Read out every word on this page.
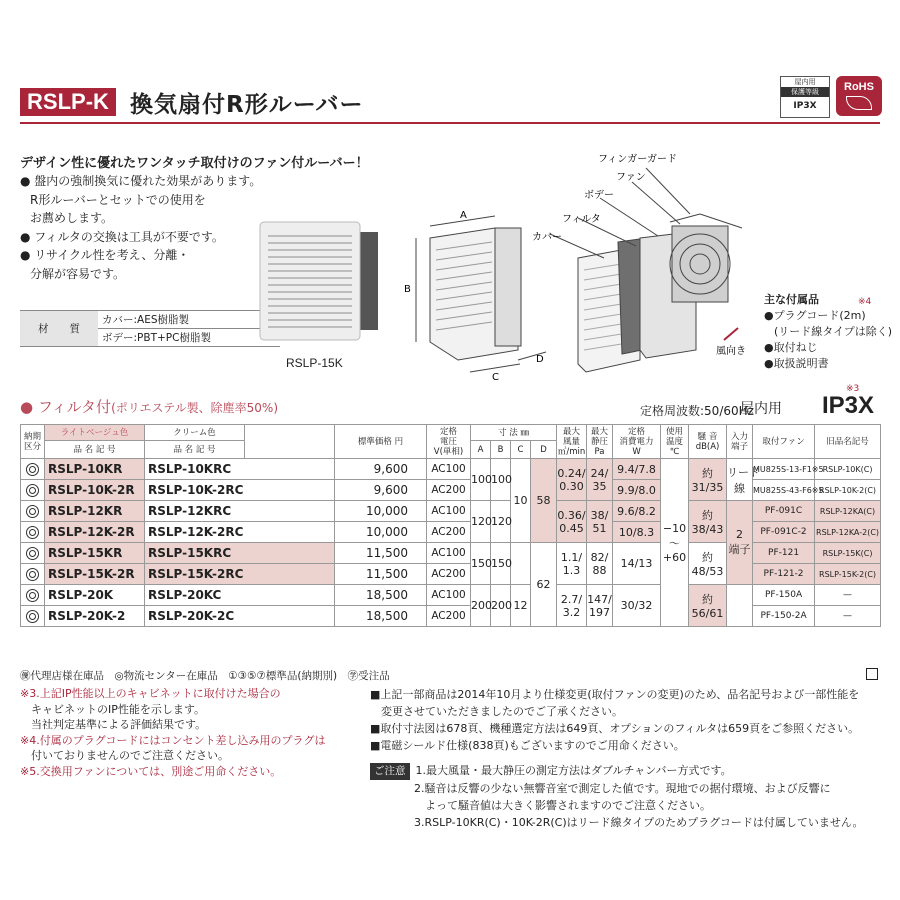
RSLP-K 換気扇付R形ルーバー
屋内用
保護等級
IP3X
RoHS
デザイン性に優れたワンタッチ取付けのファン付ルーバー！
● 盤内の強制換気に優れた効果があります。
R形ルーバーとセットでの使用を
お薦めします。
● フィルタの交換は工具が不要です。
● リサイクル性を考え、分離・
分解が容易です。
材　　質	カバー:AES樹脂製
ボデー:PBT+PC樹脂製
RSLP-15K
フィンガーガード
ファン
ボデー
フィルタ
カバー
A
B
C
D
風向き
主な付属品
●プラグコード(2m)
(リード線タイプは除く)
●取付ねじ
●取扱説明書
※4
● フィルタ付(ポリエステル製、除塵率50%)	定格周波数:50/60Hz
屋内用 IP3X
※3
納期
区分	ライトベージュ色	クリーム色		標準価格 円	定格
電圧
V(単相)	寸 法 ㎜				最大
風量
㎥/min	最大
静圧
Pa	定格
消費電力
W	使用
温度
℃	騒 音
dB(A)	入力
端子	取付ファン	旧品名記号
	品 名 記 号	品 名 記 号				A	B	C	D								
	RSLP-10KR	RSLP-10KRC		9,600	AC100	100	100	10	58	0.24/
0.30	24/
35	9.4/7.8	−10
～
+60	約
31/35	リード
線	MU825S-13-F1※5	RSLP-10K(C)
	RSLP-10K-2R	RSLP-10K-2RC		9,600	AC200							9.9/8.0				MU825S-43-F6※5	RSLP-10K-2(C)
	RSLP-12KR	RSLP-12KRC		10,000	AC100	120	120			0.36/
0.45	38/
51	9.6/8.2		約
38/43	2
端子	PF-091C	RSLP-12KA(C)
	RSLP-12K-2R	RSLP-12K-2RC		10,000	AC200							10/8.3				PF-091C-2	RSLP-12KA-2(C)
	RSLP-15KR	RSLP-15KRC		11,500	AC100	150	150		62	1.1/
1.3	82/
88	14/13		約
48/53		PF-121	RSLP-15K(C)
	RSLP-15K-2R	RSLP-15K-2RC		11,500	AC200											PF-121-2	RSLP-15K-2(C)
	RSLP-20K	RSLP-20KC		18,500	AC100	200	200	12		2.7/
3.2	147/
197	30/32		約
56/61		PF-150A	—
	RSLP-20K-2	RSLP-20K-2C		18,500	AC200											PF-150-2A	—
㊝代理店様在庫品　◎物流センター在庫品　①③⑤⑦標準品(納期別)　㊫受注品
※3.上記IP性能以上のキャビネットに取付けた場合の
　キャビネットのIP性能を示します。
　当社判定基準による評価結果です。
※4.付属のプラグコードにはコンセント差し込み用のプラグは
　付いておりませんのでご注意ください。
※5.交換用ファンについては、別途ご用命ください。
■上記一部商品は2014年10月より仕様変更(取付ファンの変更)のため、品名記号および一部性能を
　変更させていただきましたのでご了承ください。
■取付寸法図は678頁、機種選定方法は649頁、オプションのフィルタは659頁をご参照ください。
■電磁シールド仕様(838頁)もございますのでご用命ください。
ご注意 1.最大風量・最大静圧の測定方法はダブルチャンバー方式です。
2.騒音は反響の少ない無響音室で測定した値です。現地での据付環境、および反響に
　よって騒音値は大きく影響されますのでご注意ください。
3.RSLP-10KR(C)・10K-2R(C)はリード線タイプのためプラグコードは付属していません。
